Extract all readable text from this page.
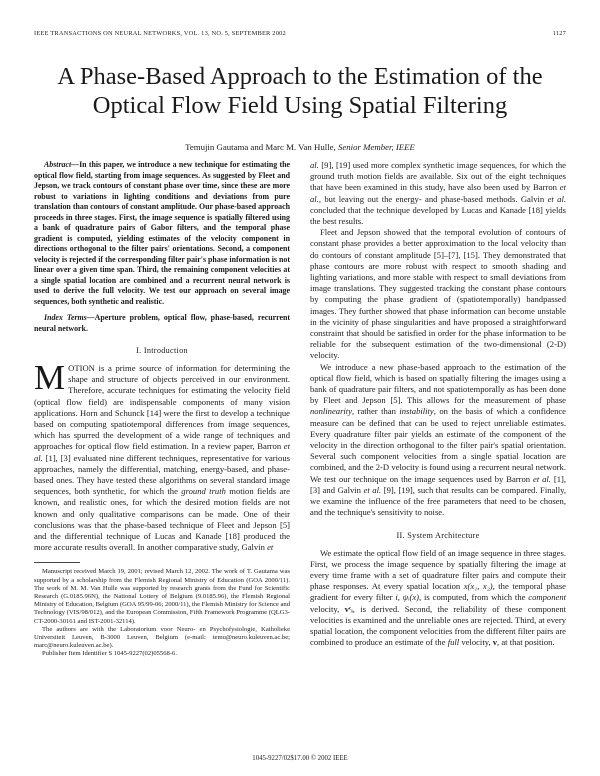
IEEE TRANSACTIONS ON NEURAL NETWORKS, VOL. 13, NO. 5, SEPTEMBER 2002	1127
A Phase-Based Approach to the Estimation of the
Optical Flow Field Using Spatial Filtering
Temujin Gautama and Marc M. Van Hulle, Senior Member, IEEE

Abstract—In this paper, we introduce a new technique for estimating the optical flow field, starting from image sequences. As suggested by Fleet and Jepson, we track contours of constant phase over time, since these are more robust to variations in lighting conditions and deviations from pure translation than contours of constant amplitude. Our phase-based approach proceeds in three stages. First, the image sequence is spatially filtered using a bank of quadrature pairs of Gabor filters, and the temporal phase gradient is computed, yielding estimates of the velocity component in directions orthogonal to the filter pairs' orientations. Second, a component velocity is rejected if the corresponding filter pair's phase information is not linear over a given time span. Third, the remaining component velocities at a single spatial location are combined and a recurrent neural network is used to derive the full velocity. We test our approach on several image sequences, both synthetic and realistic.

Index Terms—Aperture problem, optical flow, phase-based, recurrent neural network.

I. Introduction

MOTION is a prime source of information for determining the shape and structure of objects perceived in our environment. Therefore, accurate techniques for estimating the velocity field (optical flow field) are indispensable components of many vision applications. Horn and Schunck [14] were the first to develop a technique based on computing spatiotemporal differences from image sequences, which has spurred the development of a wide range of techniques and approaches for optical flow field estimation. In a review paper, Barron et al. [1], [3] evaluated nine different techniques, representative for various approaches, namely the differential, matching, energy-based, and phase-based ones. They have tested these algorithms on several standard image sequences, both synthetic, for which the ground truth motion fields are known, and realistic ones, for which the desired motion fields are not known and only qualitative comparisons can be made. One of their conclusions was that the phase-based technique of Fleet and Jepson [5] and the differential technique of Lucas and Kanade [18] produced the more accurate results overall. In another comparative study, Galvin et

Manuscript received March 19, 2001; revised March 12, 2002. The work of T. Gautama was supported by a scholarship from the Flemish Regional Ministry of Education (GOA 2000/11). The work of M. M. Van Hulle was supported by research grants from the Fund for Scientific Research (G.0185.96N), the National Lottery of Belgium (9.0185.96), the Flemish Regional Ministry of Education, Belgium (GOA 95/99-06; 2000/11), the Flemish Ministry for Science and Technology (VIS/98/012), and the European Commission, Fifth Framework Programme (QLG3-CT-2000-30161 and IST-2001-32114).

The authors are with the Laboratorium voor Neuro- en Psychofysiologie, Katholieke Universiteit Leuven, B-3000 Leuven, Belgium (e-mail: temu@neuro.kuleuven.ac.be; marc@neuro.kuleuven.ac.be).

Publisher Item Identifier S 1045-9227(02)05568-6.

al. [9], [19] used more complex synthetic image sequences, for which the ground truth motion fields are available. Six out of the eight techniques that have been examined in this study, have also been used by Barron et al., but leaving out the energy- and phase-based methods. Galvin et al. concluded that the technique developed by Lucas and Kanade [18] yields the best results.

Fleet and Jepson showed that the temporal evolution of contours of constant phase provides a better approximation to the local velocity than do contours of constant amplitude [5]–[7], [15]. They demonstrated that phase contours are more robust with respect to smooth shading and lighting variations, and more stable with respect to small deviations from image translations. They suggested tracking the constant phase contours by computing the phase gradient of (spatiotemporally) bandpassed images. They further showed that phase information can become unstable in the vicinity of phase singularities and have proposed a straightforward constraint that should be satisfied in order for the phase information to be reliable for the subsequent estimation of the two-dimensional (2-D) velocity.

We introduce a new phase-based approach to the estimation of the optical flow field, which is based on spatially filtering the images using a bank of quadrature pair filters, and not spatiotemporally as has been done by Fleet and Jepson [5]. This allows for the measurement of phase nonlinearity, rather than instability, on the basis of which a confidence measure can be defined that can be used to reject unreliable estimates. Every quadrature filter pair yields an estimate of the component of the velocity in the direction orthogonal to the filter pair's spatial orientation. Several such component velocities from a single spatial location are combined, and the 2-D velocity is found using a recurrent neural network. We test our technique on the image sequences used by Barron et al. [1], [3] and Galvin et al. [9], [19], such that results can be compared. Finally, we examine the influence of the free parameters that need to be chosen, and the technique's sensitivity to noise.

II. System Architecture

We estimate the optical flow field of an image sequence in three stages. First, we process the image sequence by spatially filtering the image at every time frame with a set of quadrature filter pairs and compute their phase responses. At every spatial location x(x₁, x₂), the temporal phase gradient for every filter i, ψᵢ(x), is computed, from which the component velocity, vᶜᵢ, is derived. Second, the reliability of these component velocities is examined and the unreliable ones are rejected. Third, at every spatial location, the component velocities from the different filter pairs are combined to produce an estimate of the full velocity, v, at that position.

1045-9227/02$17.00 © 2002 IEEE
